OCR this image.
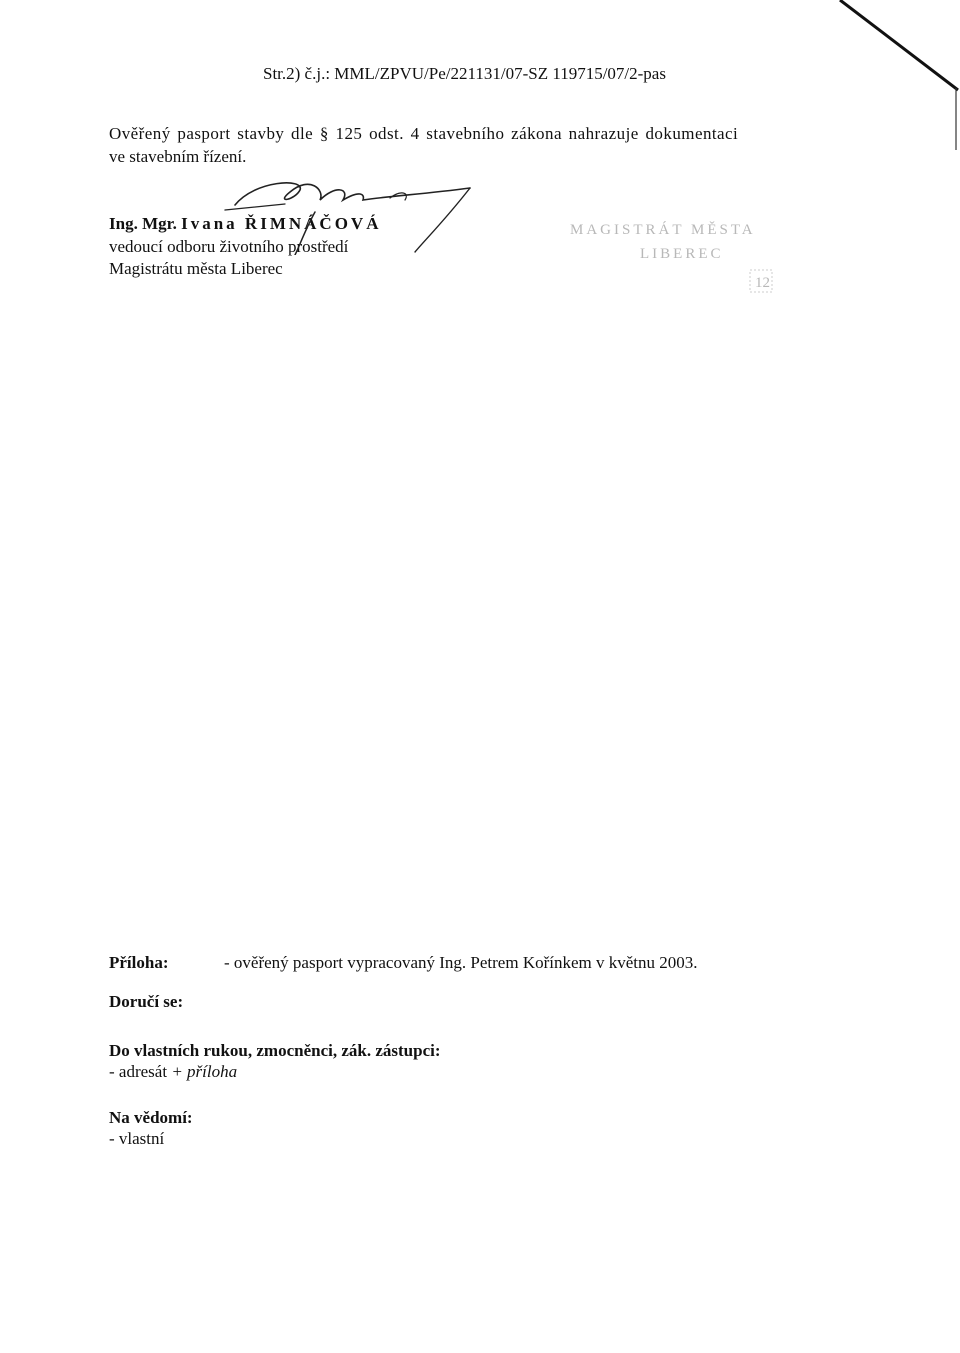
Str.2) č.j.: MML/ZPVU/Pe/221131/07-SZ 119715/07/2-pas
Ověřený pasport stavby dle § 125 odst. 4 stavebního zákona nahrazuje dokumentaci
ve stavebním řízení.
Ing. Mgr. Ivana ŘIMNÁČOVÁ
vedoucí odboru životního prostředí
Magistrátu města Liberec
MAGISTRÁT MĚSTA
LIBEREC
12
Příloha:	- ověřený pasport vypracovaný Ing. Petrem Kořínkem v květnu 2003.
Doručí se:
Do vlastních rukou, zmocněnci, zák. zástupci:
- adresát + příloha
Na vědomí:
- vlastní
